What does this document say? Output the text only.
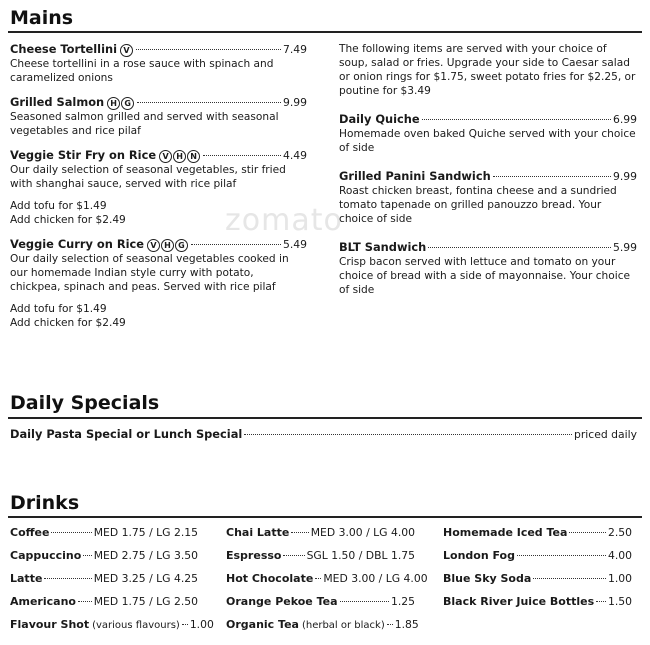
Mains
zomato
Cheese Tortellini V	7.49
Cheese tortellini in a rose sauce with spinach and caramelized onions
Grilled Salmon H G	9.99
Seasoned salmon grilled and served with seasonal vegetables and rice pilaf
Veggie Stir Fry on Rice V H N	4.49
Our daily selection of seasonal vegetables, stir fried with shanghai sauce, served with rice pilaf
Add tofu for $1.49
Add chicken for $2.49
Veggie Curry on Rice V H G	5.49
Our daily selection of seasonal vegetables cooked in our homemade Indian style curry with potato, chickpea, spinach and peas. Served with rice pilaf
Add tofu for $1.49
Add chicken for $2.49
The following items are served with your choice of soup, salad or fries. Upgrade your side to Caesar salad or onion rings for $1.75, sweet potato fries for $2.25, or poutine for $3.49
Daily Quiche	6.99
Homemade oven baked Quiche served with your choice of side
Grilled Panini Sandwich	9.99
Roast chicken breast, fontina cheese and a sundried tomato tapenade on grilled panouzzo bread. Your choice of side
BLT Sandwich	5.99
Crisp bacon served with lettuce and tomato on your choice of bread with a side of mayonnaise. Your choice of side
Daily Specials
Daily Pasta Special or Lunch Special	priced daily
Drinks
Coffee	MED 1.75 / LG 2.15
Cappuccino MED 2.75 / LG 3.50
Latte	MED 3.25 / LG 4.25
Americano MED 1.75 / LG 2.50
Flavour Shot (various flavours) 1.00
Chai Latte MED 3.00 / LG 4.00
Espresso SGL 1.50 / DBL 1.75
Hot Chocolate MED 3.00 / LG 4.00
Orange Pekoe Tea	1.25
Organic Tea (herbal or black) 1.85
Homemade Iced Tea	2.50
London Fog	4.00
Blue Sky Soda	1.00
Black River Juice Bottles 1.50
